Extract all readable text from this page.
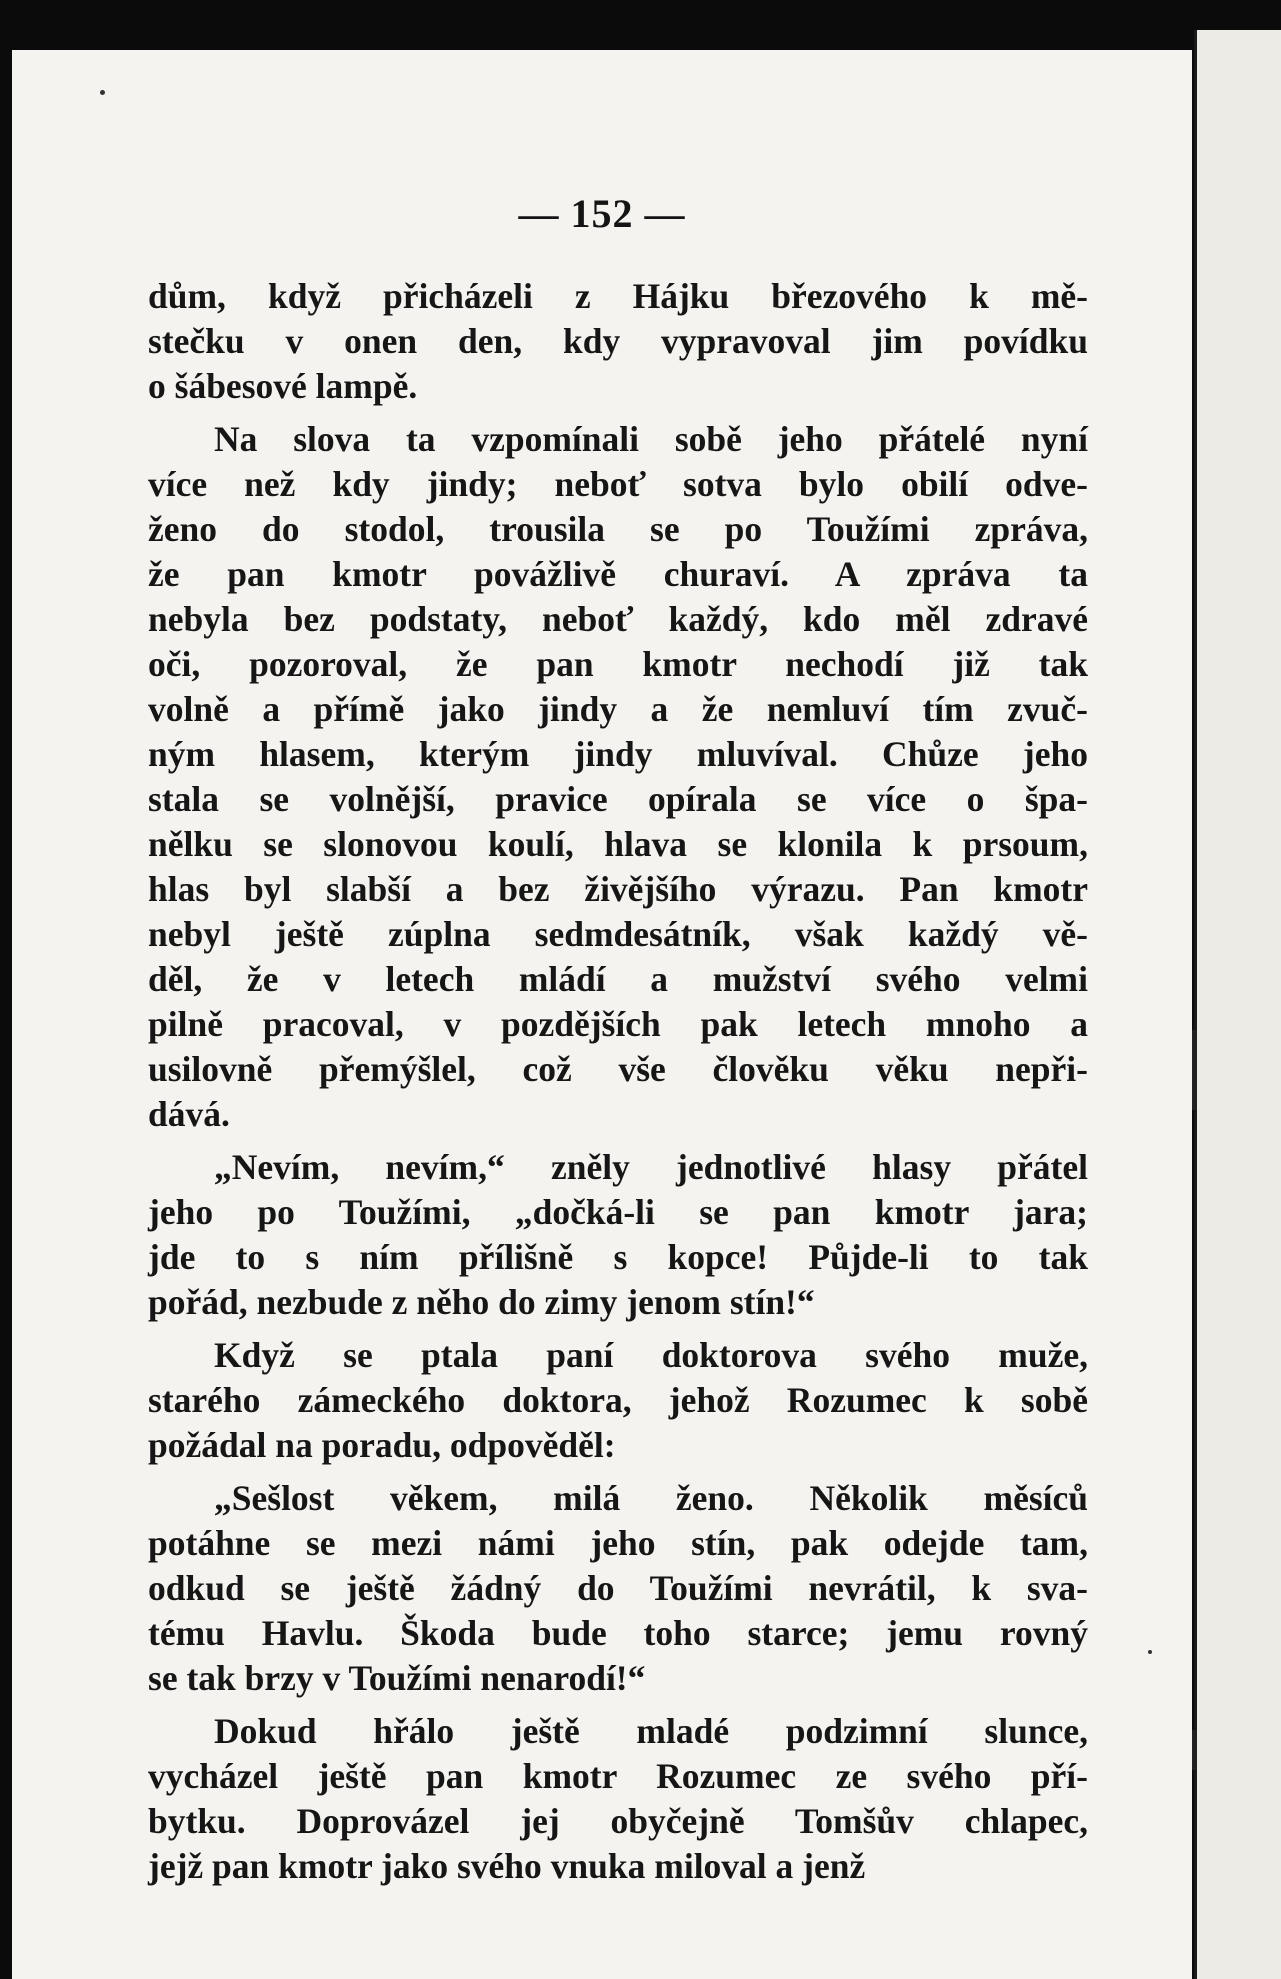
— 152 —
dům, když přicházeli z Hájku březového k mě-
stečku v onen den, kdy vypravoval jim povídku
o šábesové lampě.
Na slova ta vzpomínali sobě jeho přátelé nyní
více než kdy jindy; neboť sotva bylo obilí odve-
ženo do stodol, trousila se po Toužími zpráva,
že pan kmotr povážlivě churaví. A zpráva ta
nebyla bez podstaty, neboť každý, kdo měl zdravé
oči, pozoroval, že pan kmotr nechodí již tak
volně a přímě jako jindy a že nemluví tím zvuč-
ným hlasem, kterým jindy mluvíval. Chůze jeho
stala se volnější, pravice opírala se více o špa-
nělku se slonovou koulí, hlava se klonila k prsoum,
hlas byl slabší a bez živějšího výrazu. Pan kmotr
nebyl ještě zúplna sedmdesátník, však každý vě-
děl, že v letech mládí a mužství svého velmi
pilně pracoval, v pozdějších pak letech mnoho a
usilovně přemýšlel, což vše člověku věku nepři-
dává.
„Nevím, nevím,“ zněly jednotlivé hlasy přátel
jeho po Toužími, „dočká-li se pan kmotr jara;
jde to s ním přílišně s kopce! Půjde-li to tak
pořád, nezbude z něho do zimy jenom stín!“
Když se ptala paní doktorova svého muže,
starého zámeckého doktora, jehož Rozumec k sobě
požádal na poradu, odpověděl:
„Sešlost věkem, milá ženo. Několik měsíců
potáhne se mezi námi jeho stín, pak odejde tam,
odkud se ještě žádný do Toužími nevrátil, k sva-
tému Havlu. Škoda bude toho starce; jemu rovný
se tak brzy v Toužími nenarodí!“
Dokud hřálo ještě mladé podzimní slunce,
vycházel ještě pan kmotr Rozumec ze svého pří-
bytku. Doprovázel jej obyčejně Tomšův chlapec,
jejž pan kmotr jako svého vnuka miloval a jenž
